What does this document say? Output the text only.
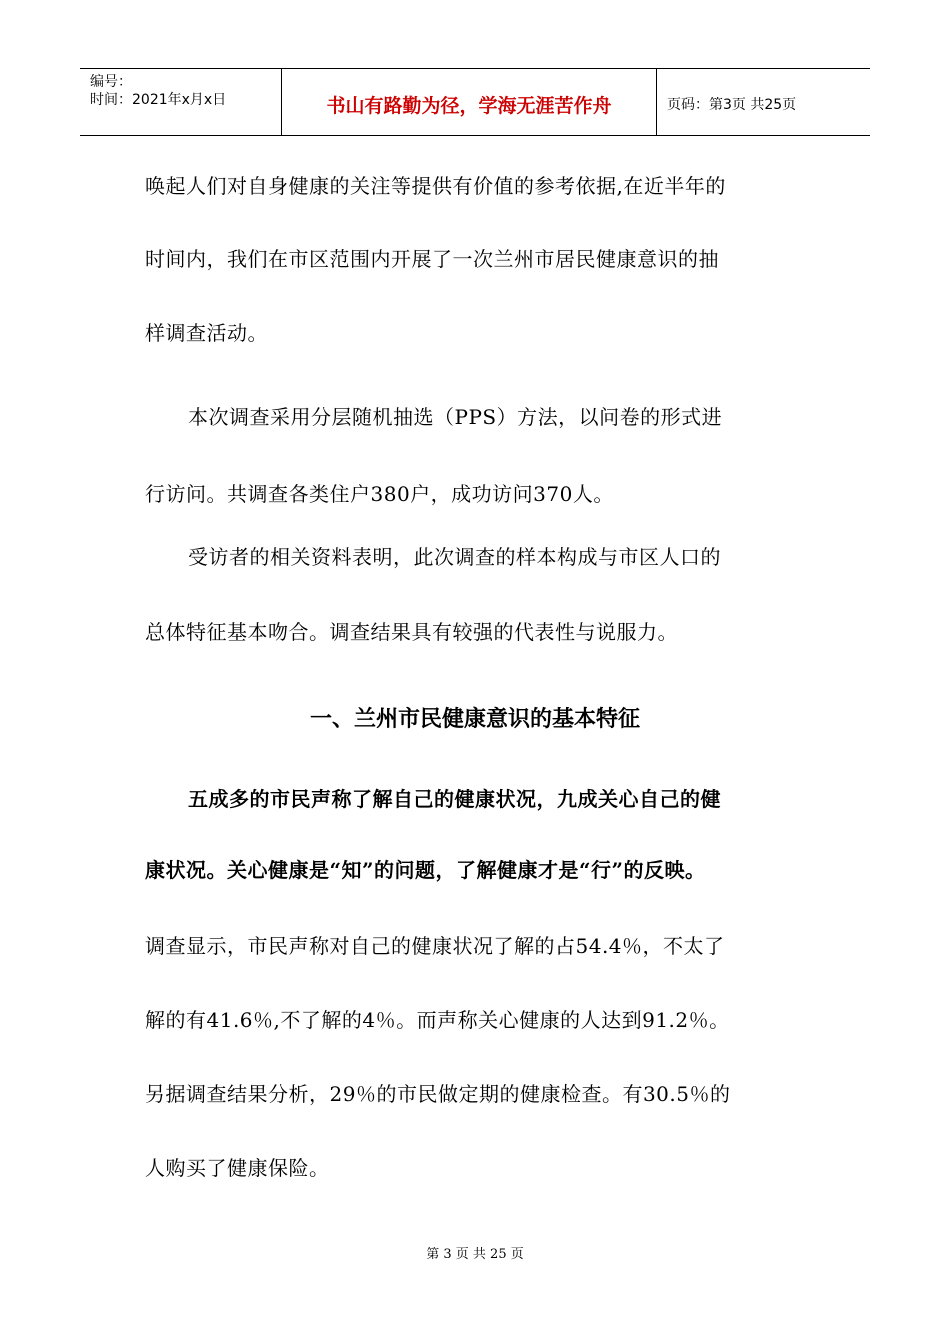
编号：
时间：2021年x月x日	书山有路勤为径，学海无涯苦作舟	页码：第3页 共25页
唤起人们对自身健康的关注等提供有价值的参考依据,在近半年的
时间内，我们在市区范围内开展了一次兰州市居民健康意识的抽
样调查活动。
本次调查采用分层随机抽选（PPS）方法，以问卷的形式进
行访问。共调查各类住户380户，成功访问370人。
受访者的相关资料表明，此次调查的样本构成与市区人口的
总体特征基本吻合。调查结果具有较强的代表性与说服力。
一、兰州市民健康意识的基本特征
五成多的市民声称了解自己的健康状况，九成关心自己的健
康状况。关心健康是“知”的问题，了解健康才是“行”的反映。
调查显示，市民声称对自己的健康状况了解的占54.4％，不太了
解的有41.6％,不了解的4％。而声称关心健康的人达到91.2％。
另据调查结果分析，29％的市民做定期的健康检查。有30.5％的
人购买了健康保险。
第 3 页 共 25 页
